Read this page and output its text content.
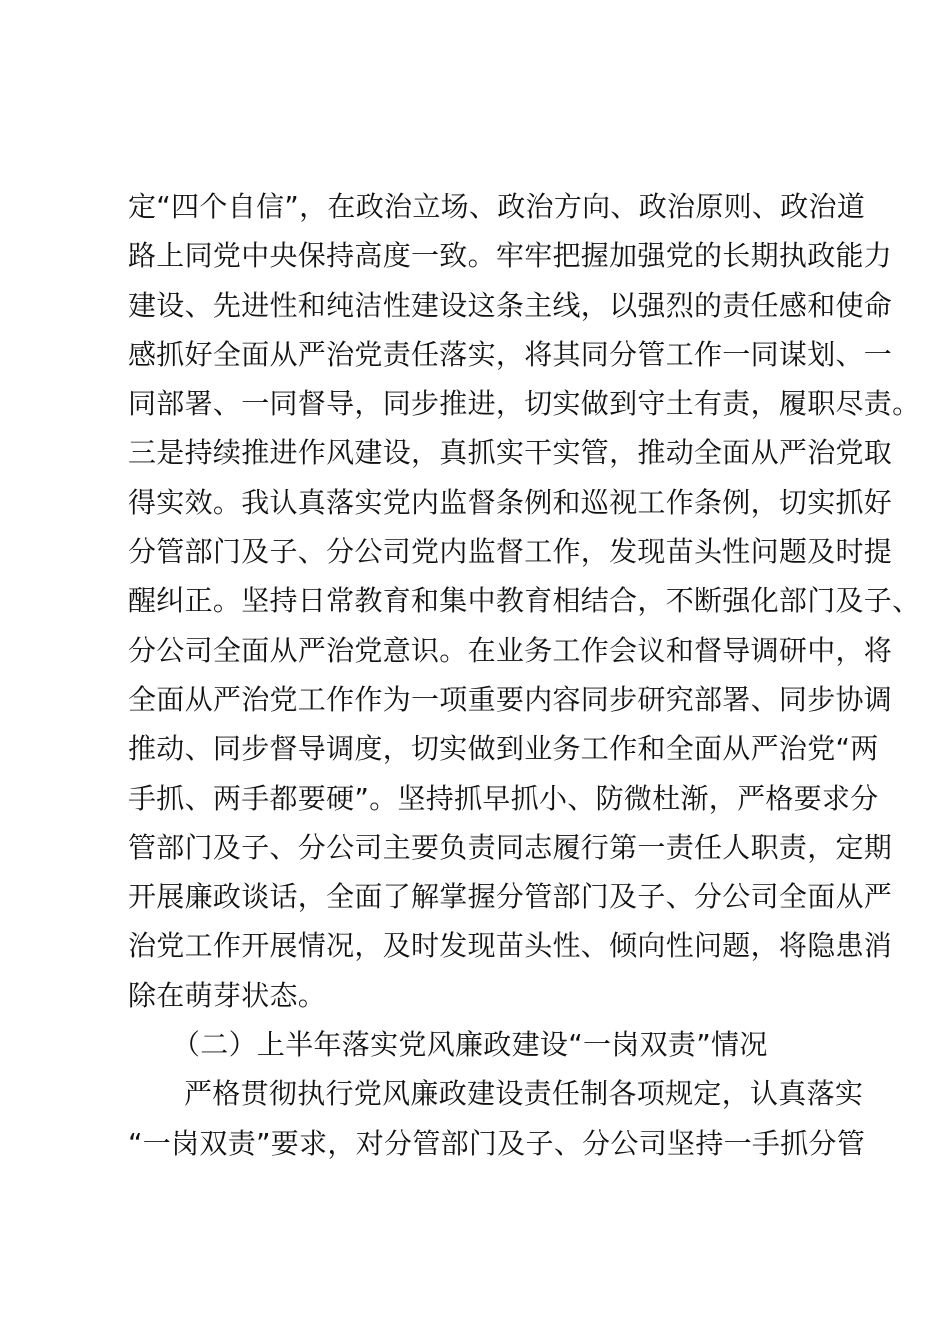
定“四个自信”，在政治立场、政治方向、政治原则、政治道
路上同党中央保持高度一致。牢牢把握加强党的长期执政能力
建设、先进性和纯洁性建设这条主线，以强烈的责任感和使命
感抓好全面从严治党责任落实，将其同分管工作一同谋划、一
同部署、一同督导，同步推进，切实做到守土有责，履职尽责。
三是持续推进作风建设，真抓实干实管，推动全面从严治党取
得实效。我认真落实党内监督条例和巡视工作条例，切实抓好
分管部门及子、分公司党内监督工作，发现苗头性问题及时提
醒纠正。坚持日常教育和集中教育相结合，不断强化部门及子、
分公司全面从严治党意识。在业务工作会议和督导调研中，将
全面从严治党工作作为一项重要内容同步研究部署、同步协调
推动、同步督导调度，切实做到业务工作和全面从严治党“两
手抓、两手都要硬”。坚持抓早抓小、防微杜渐，严格要求分
管部门及子、分公司主要负责同志履行第一责任人职责，定期
开展廉政谈话，全面了解掌握分管部门及子、分公司全面从严
治党工作开展情况，及时发现苗头性、倾向性问题，将隐患消
除在萌芽状态。
（二）上半年落实党风廉政建设“一岗双责”情况
严格贯彻执行党风廉政建设责任制各项规定，认真落实
“一岗双责”要求，对分管部门及子、分公司坚持一手抓分管
